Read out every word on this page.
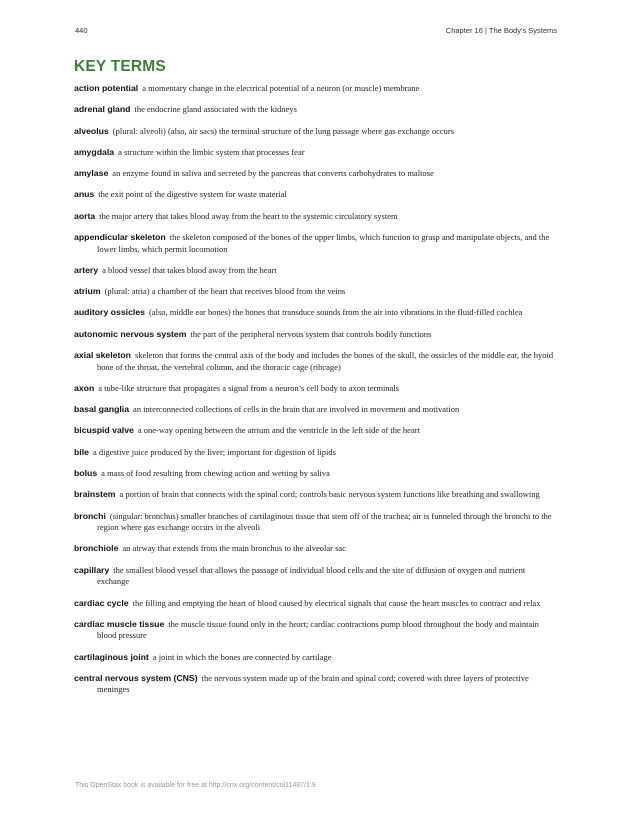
440	Chapter 16 | The Body's Systems
KEY TERMS

action potential a momentary change in the electrical potential of a neuron (or muscle) membrane

adrenal gland the endocrine gland associated with the kidneys

alveolus (plural: alveoli) (also, air sacs) the terminal structure of the lung passage where gas exchange occurs

amygdala a structure within the limbic system that processes fear

amylase an enzyme found in saliva and secreted by the pancreas that converts carbohydrates to maltose

anus the exit point of the digestive system for waste material

aorta the major artery that takes blood away from the heart to the systemic circulatory system

appendicular skeleton the skeleton composed of the bones of the upper limbs, which function to grasp and manipulate objects, and the lower limbs, which permit locomotion

artery a blood vessel that takes blood away from the heart

atrium (plural: atria) a chamber of the heart that receives blood from the veins

auditory ossicles (also, middle ear bones) the bones that transduce sounds from the air into vibrations in the fluid-filled cochlea

autonomic nervous system the part of the peripheral nervous system that controls bodily functions

axial skeleton skeleton that forms the central axis of the body and includes the bones of the skull, the ossicles of the middle ear, the hyoid bone of the throat, the vertebral column, and the thoracic cage (ribcage)

axon a tube-like structure that propagates a signal from a neuron’s cell body to axon terminals

basal ganglia an interconnected collections of cells in the brain that are involved in movement and motivation

bicuspid valve a one-way opening between the atrium and the ventricle in the left side of the heart

bile a digestive juice produced by the liver; important for digestion of lipids

bolus a mass of food resulting from chewing action and wetting by saliva

brainstem a portion of brain that connects with the spinal cord; controls basic nervous system functions like breathing and swallowing

bronchi (singular: bronchus) smaller branches of cartilaginous tissue that stem off of the trachea; air is funneled through the bronchi to the region where gas exchange occurs in the alveoli

bronchiole an airway that extends from the main bronchus to the alveolar sac

capillary the smallest blood vessel that allows the passage of individual blood cells and the site of diffusion of oxygen and nutrient exchange

cardiac cycle the filling and emptying the heart of blood caused by electrical signals that cause the heart muscles to contract and relax

cardiac muscle tissue the muscle tissue found only in the heart; cardiac contractions pump blood throughout the body and maintain blood pressure

cartilaginous joint a joint in which the bones are connected by cartilage

central nervous system (CNS) the nervous system made up of the brain and spinal cord; covered with three layers of protective meninges

This OpenStax book is available for free at http://cnx.org/content/col11487/1.9
